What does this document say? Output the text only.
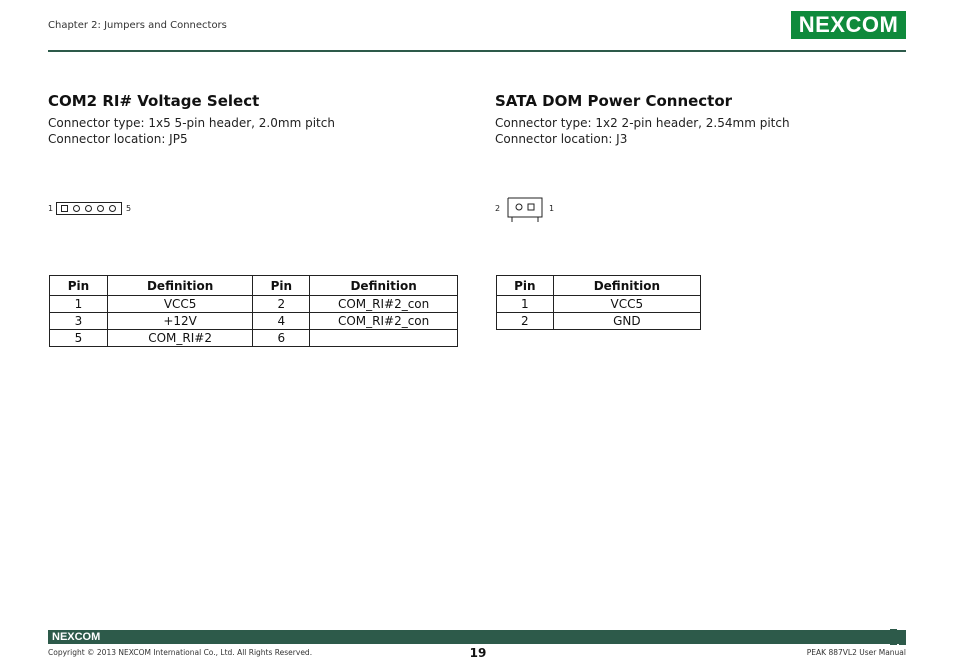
Chapter 2: Jumpers and Connectors	NEXCOM
COM2 RI# Voltage Select
Connector type: 1x5 5-pin header, 2.0mm pitch
Connector location: JP5
1	5
Pin	Definition	Pin	Definition
1	VCC5	2	COM_RI#2_con
3	+12V	4	COM_RI#2_con
5	COM_RI#2	6	
SATA DOM Power Connector
Connector type: 1x2 2-pin header, 2.54mm pitch
Connector location: J3
2	1
Pin	Definition
1	VCC5
2	GND
NEXCOM
Copyright © 2013 NEXCOM International Co., Ltd. All Rights Reserved.	19	PEAK 887VL2 User Manual
